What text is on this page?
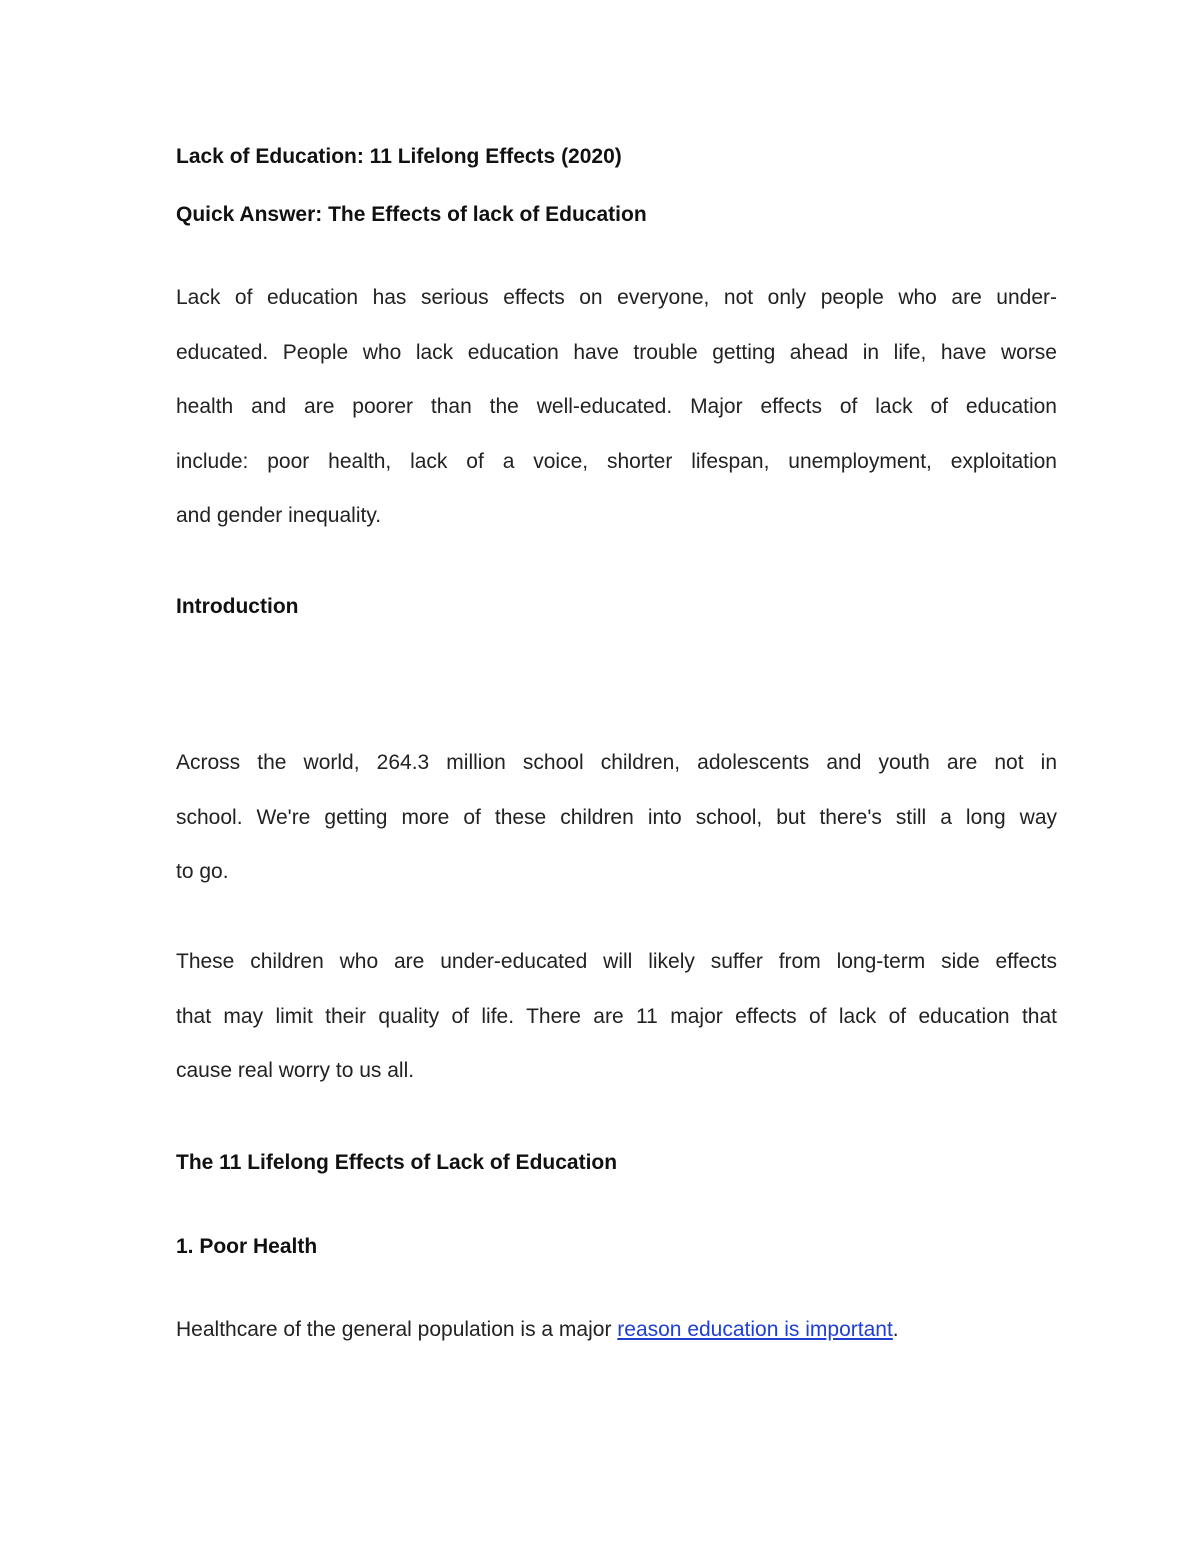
Lack of Education: 11 Lifelong Effects (2020)
Quick Answer: The Effects of lack of Education
Lack of education has serious effects on everyone, not only people who are under-
educated. People who lack education have trouble getting ahead in life, have worse
health and are poorer than the well-educated. Major effects of lack of education
include: poor health, lack of a voice, shorter lifespan, unemployment, exploitation
and gender inequality.
Introduction
Across the world, 264.3 million school children, adolescents and youth are not in
school. We're getting more of these children into school, but there's still a long way
to go.
These children who are under-educated will likely suffer from long-term side effects
that may limit their quality of life. There are 11 major effects of lack of education that
cause real worry to us all.
The 11 Lifelong Effects of Lack of Education
1. Poor Health
Healthcare of the general population is a major reason education is important.
